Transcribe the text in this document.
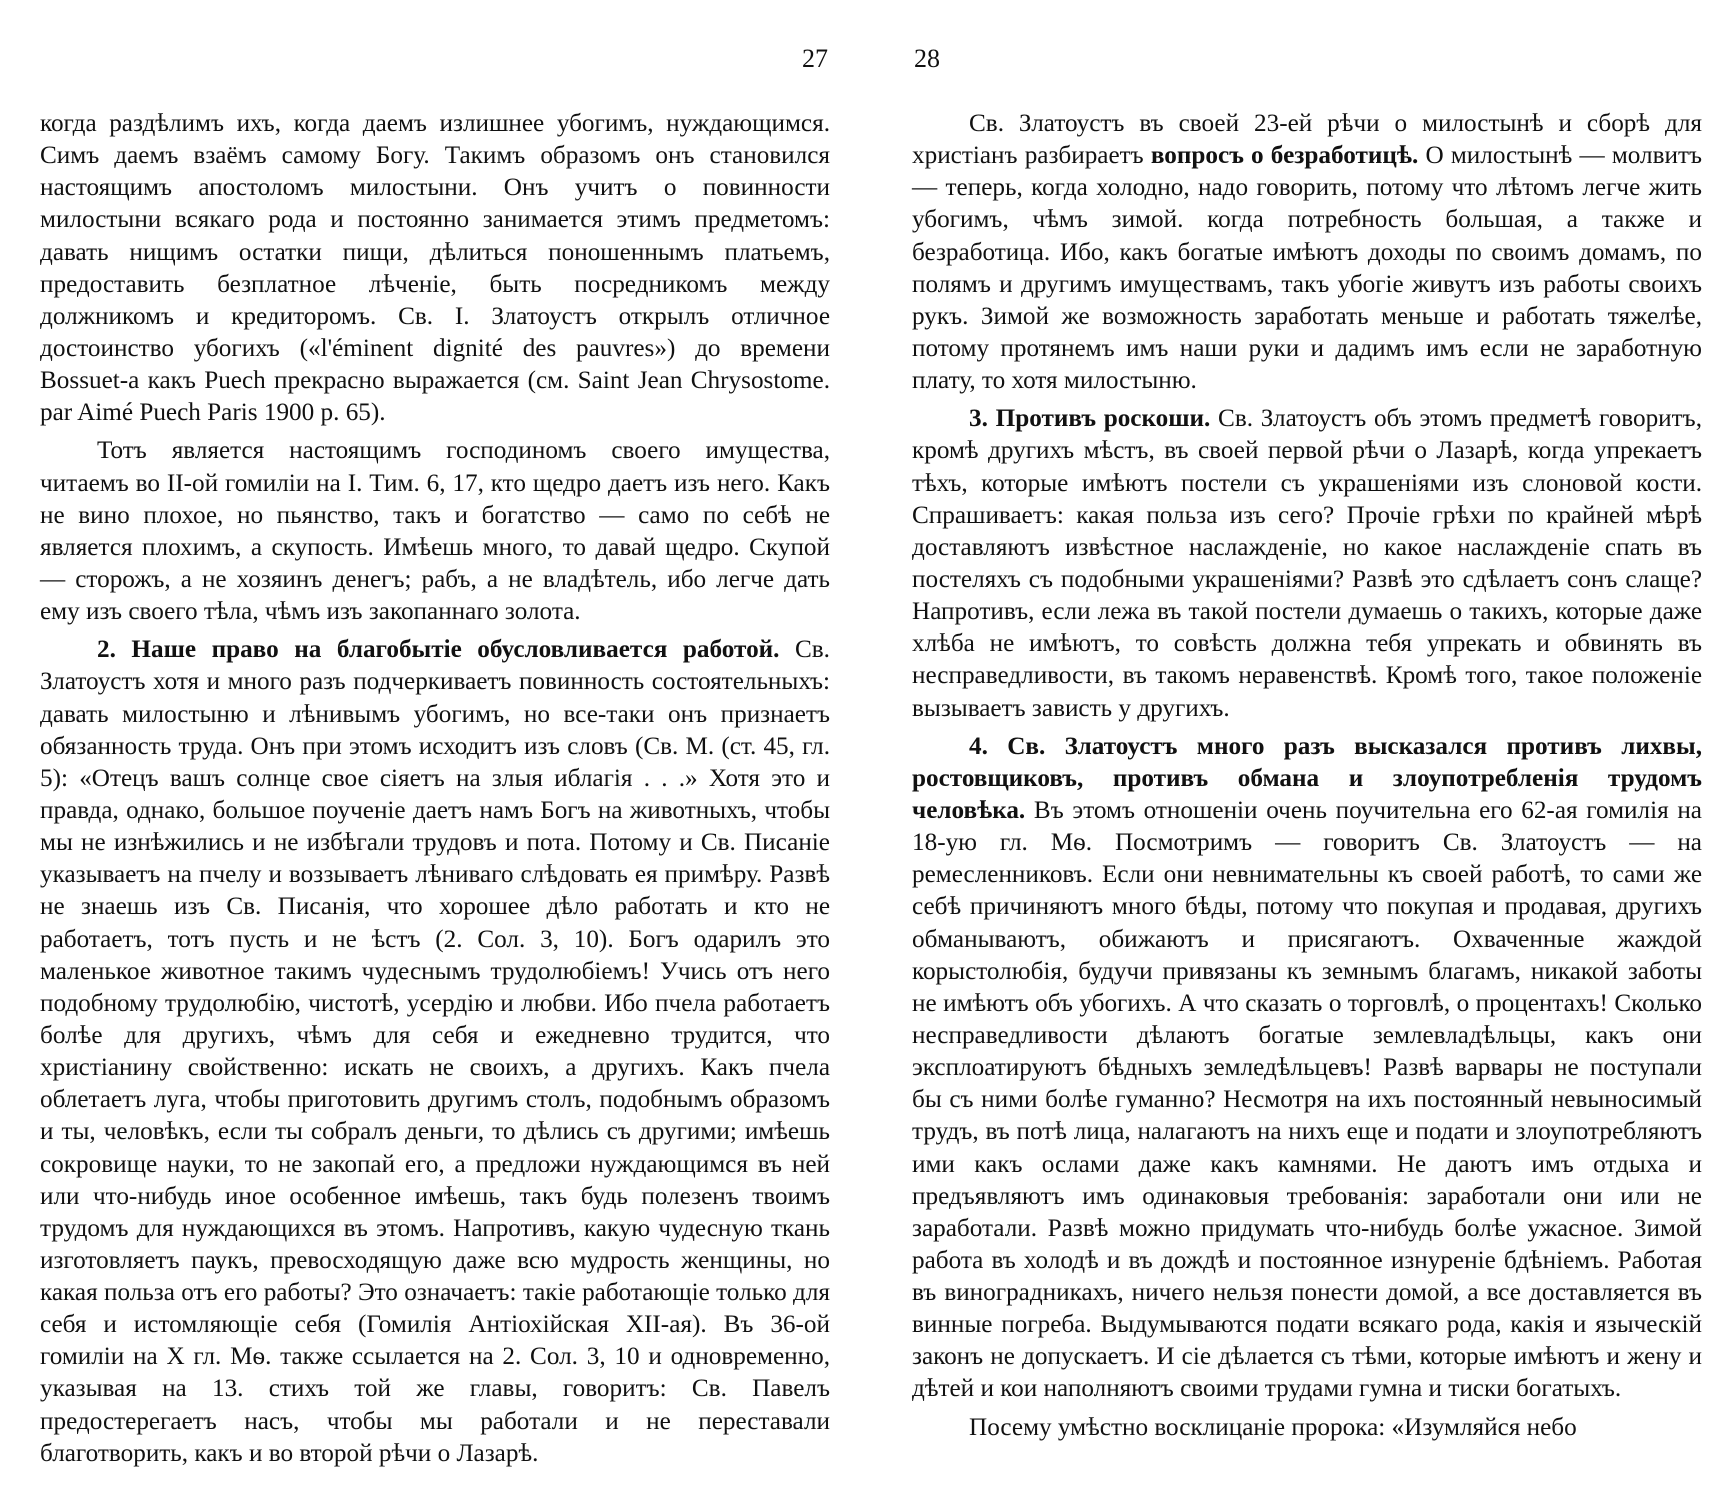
27

когда раздѣлимъ ихъ, когда даемъ излишнее убогимъ, нуждающимся. Симъ даемъ взаёмъ самому Богу. Такимъ образомъ онъ становился настоящимъ апостоломъ милостыни. Онъ учитъ о повинности милостыни всякаго рода и постоянно занимается этимъ предметомъ: давать нищимъ остатки пищи, дѣлиться поношеннымъ платьемъ, предоставить безплатное лѣченіе, быть посредникомъ между должникомъ и кредиторомъ. Св. I. Златоустъ открылъ отличное достоинство убогихъ («l'éminent dignité des pauvres») до времени Bossuet-а какъ Puech прекрасно выражается (см. Saint Jean Chrysostome. par Aimé Puech Paris 1900 p. 65).

Тотъ является настоящимъ господиномъ своего имущества, читаемъ во II-ой гомиліи на I. Тим. 6, 17, кто щедро даетъ изъ него. Какъ не вино плохое, но пьянство, такъ и богатство — само по себѣ не является плохимъ, а скупость. Имѣешь много, то давай щедро. Скупой — сторожъ, а не хозяинъ денегъ; рабъ, а не владѣтель, ибо легче дать ему изъ своего тѣла, чѣмъ изъ закопаннаго золота.

2. Наше право на благобытіе обусловливается работой. Св. Златоустъ хотя и много разъ подчеркиваетъ повинность состоятельныхъ: давать милостыню и лѣнивымъ убогимъ, но все-таки онъ признаетъ обязанность труда. Онъ при этомъ исходитъ изъ словъ (Св. М. (ст. 45, гл. 5): «Отецъ вашъ солнце свое сіяетъ на злыя иблагія . . .» Хотя это и правда, однако, большое поученіе даетъ намъ Богъ на животныхъ, чтобы мы не изнѣжились и не избѣгали трудовъ и пота. Потому и Св. Писаніе указываетъ на пчелу и воззываетъ лѣниваго слѣдовать ея примѣру. Развѣ не знаешь изъ Св. Писанія, что хорошее дѣло работать и кто не работаетъ, тотъ пусть и не ѣстъ (2. Сол. 3, 10). Богъ одарилъ это маленькое животное такимъ чудеснымъ трудолюбіемъ! Учись отъ него подобному трудолюбію, чистотѣ, усердію и любви. Ибо пчела работаетъ болѣе для другихъ, чѣмъ для себя и ежедневно трудится, что христіанину свойственно: искать не своихъ, а другихъ. Какъ пчела облетаетъ луга, чтобы приготовить другимъ столъ, подобнымъ образомъ и ты, человѣкъ, если ты собралъ деньги, то дѣлись съ другими; имѣешь сокровище науки, то не закопай его, а предложи нуждающимся въ ней или что-нибудь иное особенное имѣешь, такъ будь полезенъ твоимъ трудомъ для нуждающихся въ этомъ. Напротивъ, какую чудесную ткань изготовляетъ паукъ, превосходящую даже всю мудрость женщины, но какая польза отъ его работы? Это означаетъ: такіе работающіе только для себя и истомляющіе себя (Гомилія Антіохійская XII-ая). Въ 36-ой гомиліи на X гл. Мѳ. также ссылается на 2. Сол. 3, 10 и одновременно, указывая на 13. стихъ той же главы, говоритъ: Св. Павелъ предостерегаетъ насъ, чтобы мы работали и не переставали благотворить, какъ и во второй рѣчи о Лазарѣ.

28

Св. Златоустъ въ своей 23-ей рѣчи о милостынѣ и сборѣ для христіанъ разбираетъ вопросъ о безработицѣ. О милостынѣ — молвитъ — теперь, когда холодно, надо говорить, потому что лѣтомъ легче жить убогимъ, чѣмъ зимой. когда потребность большая, а также и безработица. Ибо, какъ богатые имѣютъ доходы по своимъ домамъ, по полямъ и другимъ имуществамъ, такъ убогіе живутъ изъ работы своихъ рукъ. Зимой же возможность заработать меньше и работать тяжелѣе, потому протянемъ имъ наши руки и дадимъ имъ если не заработную плату, то хотя милостыню.

3. Противъ роскоши. Св. Златоустъ объ этомъ предметѣ говоритъ, кромѣ другихъ мѣстъ, въ своей первой рѣчи о Лазарѣ, когда упрекаетъ тѣхъ, которые имѣютъ постели съ украшеніями изъ слоновой кости. Спрашиваетъ: какая польза изъ сего? Прочіе грѣхи по крайней мѣрѣ доставляютъ извѣстное наслажденіе, но какое наслажденіе спать въ постеляхъ съ подобными украшеніями? Развѣ это сдѣлаетъ сонъ слаще? Напротивъ, если лежа въ такой постели думаешь о такихъ, которые даже хлѣба не имѣютъ, то совѣсть должна тебя упрекать и обвинять въ несправедливости, въ такомъ неравенствѣ. Кромѣ того, такое положеніе вызываетъ зависть у другихъ.

4. Св. Златоустъ много разъ высказался противъ лихвы, ростовщиковъ, противъ обмана и злоупотребленія трудомъ человѣка. Въ этомъ отношеніи очень поучительна его 62-ая гомилія на 18-ую гл. Мѳ. Посмотримъ — говоритъ Св. Златоустъ — на ремесленниковъ. Если они невнимательны къ своей работѣ, то сами же себѣ причиняютъ много бѣды, потому что покупая и продавая, другихъ обманываютъ, обижаютъ и присягаютъ. Охваченные жаждой корыстолюбія, будучи привязаны къ земнымъ благамъ, никакой заботы не имѣютъ объ убогихъ. А что сказать о торговлѣ, о процентахъ! Сколько несправедливости дѣлаютъ богатые землевладѣльцы, какъ они эксплоатируютъ бѣдныхъ земледѣльцевъ! Развѣ варвары не поступали бы съ ними болѣе гуманно? Несмотря на ихъ постоянный невыносимый трудъ, въ потѣ лица, налагаютъ на нихъ еще и подати и злоупотребляютъ ими какъ ослами даже какъ камнями. Не даютъ имъ отдыха и предъявляютъ имъ одинаковыя требованія: заработали они или не заработали. Развѣ можно придумать что-нибудь болѣе ужасное. Зимой работа въ холодѣ и въ дождѣ и постоянное изнуреніе бдѣніемъ. Работая въ виноградникахъ, ничего нельзя понести домой, а все доставляется въ винные погреба. Выдумываются подати всякаго рода, какія и языческій законъ не допускаетъ. И сіе дѣлается съ тѣми, которые имѣютъ и жену и дѣтей и кои наполняютъ своими трудами гумна и тиски богатыхъ.

Посему умѣстно восклицаніе пророка: «Изумляйся небо
